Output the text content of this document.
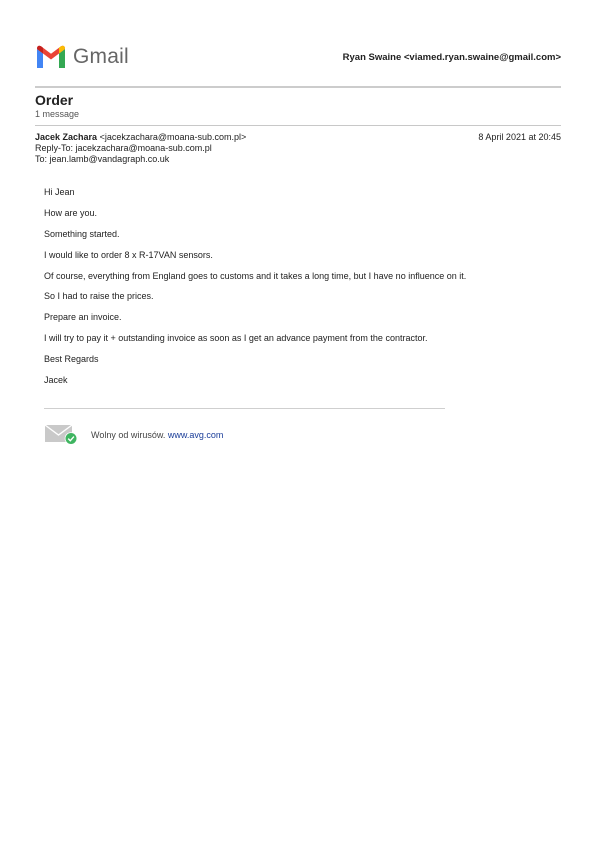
Gmail	Ryan Swaine <viamed.ryan.swaine@gmail.com>
Order
1 message
Jacek Zachara <jacekzachara@moana-sub.com.pl>	8 April 2021 at 20:45
Reply-To: jacekzachara@moana-sub.com.pl
To: jean.lamb@vandagraph.co.uk

Hi Jean

How are you.

Something started.

I would like to order 8 x R-17VAN sensors.

Of course, everything from England goes to customs and it takes a long time, but I have no influence on it.

So I had to raise the prices.

Prepare an invoice.

I will try to pay it + outstanding invoice as soon as I get an advance payment from the contractor.

Best Regards

Jacek

Wolny od wirusów. www.avg.com
